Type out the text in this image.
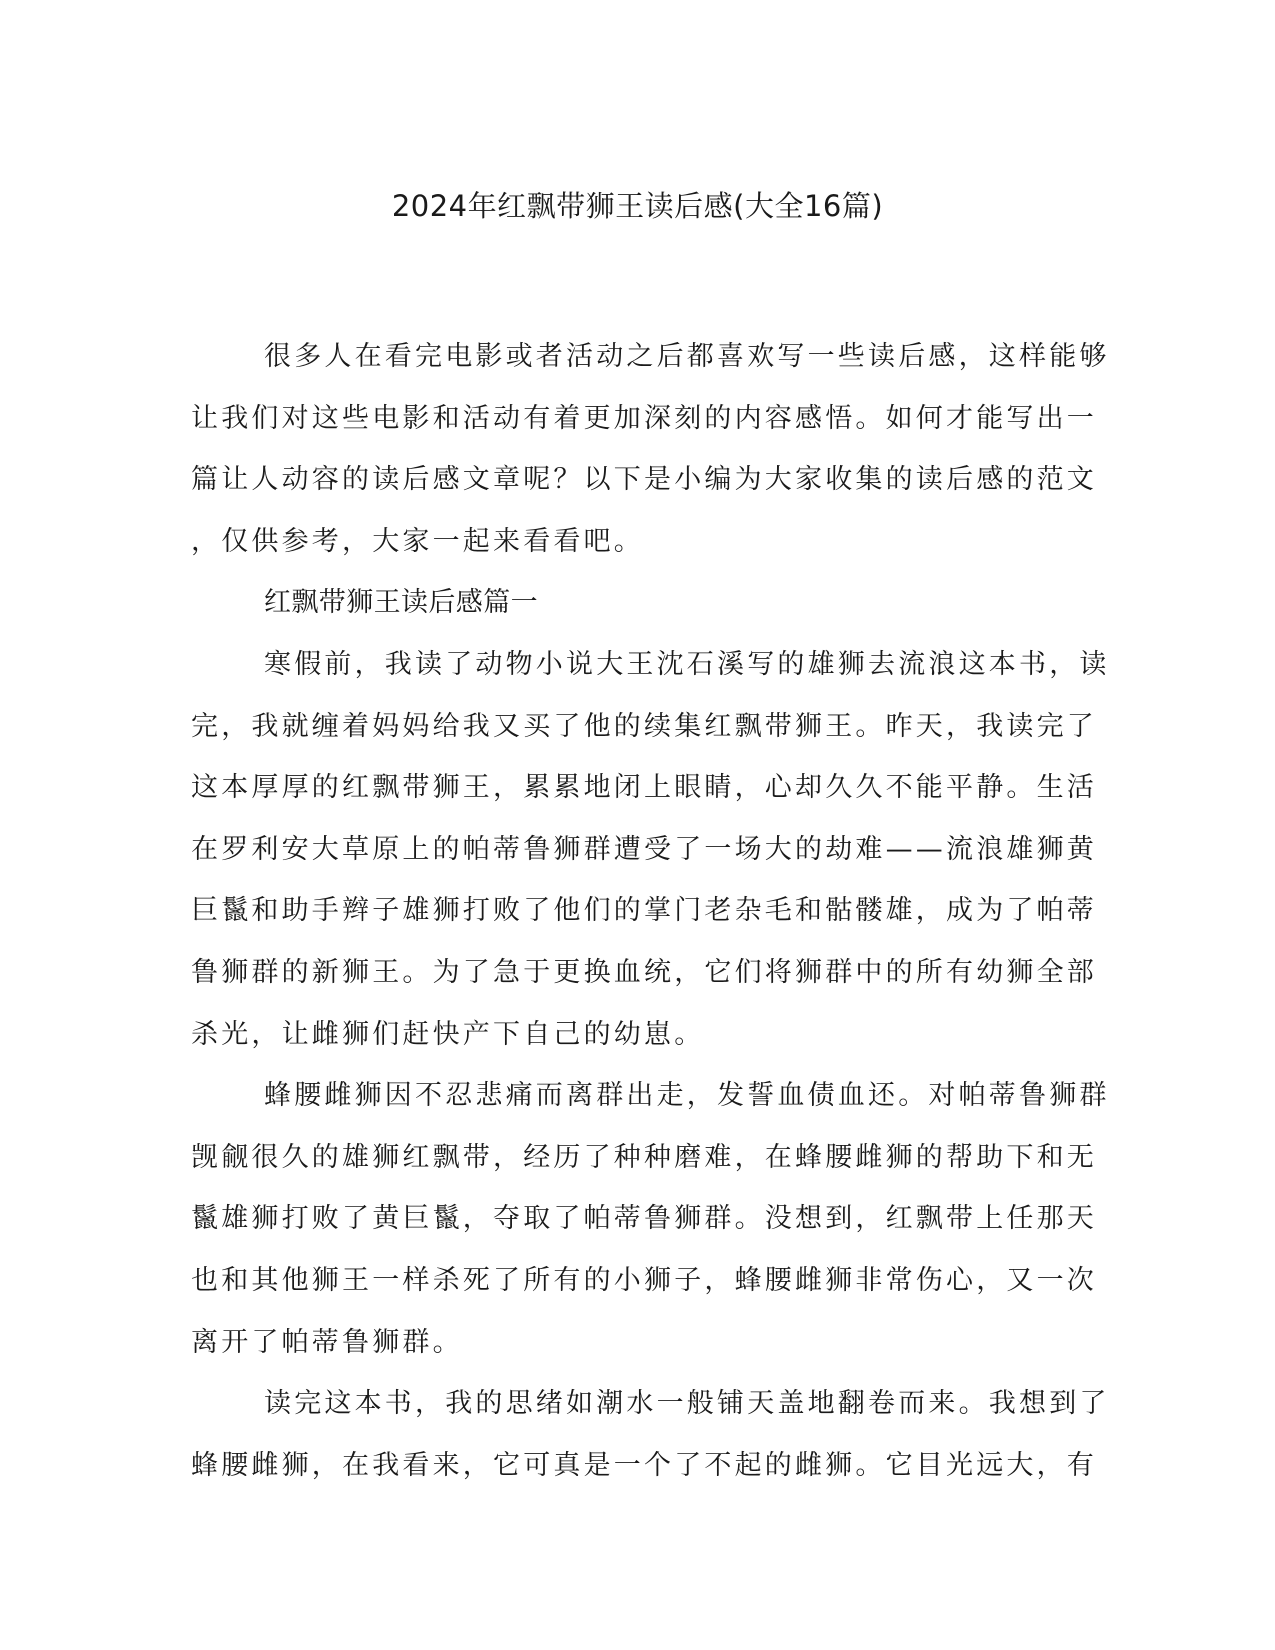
2024年红飘带狮王读后感(大全16篇)
很多人在看完电影或者活动之后都喜欢写一些读后感，这样能够
让我们对这些电影和活动有着更加深刻的内容感悟。如何才能写出一
篇让人动容的读后感文章呢？以下是小编为大家收集的读后感的范文
，仅供参考，大家一起来看看吧。
红飘带狮王读后感篇一
寒假前，我读了动物小说大王沈石溪写的雄狮去流浪这本书，读
完，我就缠着妈妈给我又买了他的续集红飘带狮王。昨天，我读完了
这本厚厚的红飘带狮王，累累地闭上眼睛，心却久久不能平静。生活
在罗利安大草原上的帕蒂鲁狮群遭受了一场大的劫难——流浪雄狮黄
巨鬣和助手辫子雄狮打败了他们的掌门老杂毛和骷髅雄，成为了帕蒂
鲁狮群的新狮王。为了急于更换血统，它们将狮群中的所有幼狮全部
杀光，让雌狮们赶快产下自己的幼崽。
蜂腰雌狮因不忍悲痛而离群出走，发誓血债血还。对帕蒂鲁狮群
觊觎很久的雄狮红飘带，经历了种种磨难，在蜂腰雌狮的帮助下和无
鬣雄狮打败了黄巨鬣，夺取了帕蒂鲁狮群。没想到，红飘带上任那天
也和其他狮王一样杀死了所有的小狮子，蜂腰雌狮非常伤心，又一次
离开了帕蒂鲁狮群。
读完这本书，我的思绪如潮水一般铺天盖地翻卷而来。我想到了
蜂腰雌狮，在我看来，它可真是一个了不起的雌狮。它目光远大，有
